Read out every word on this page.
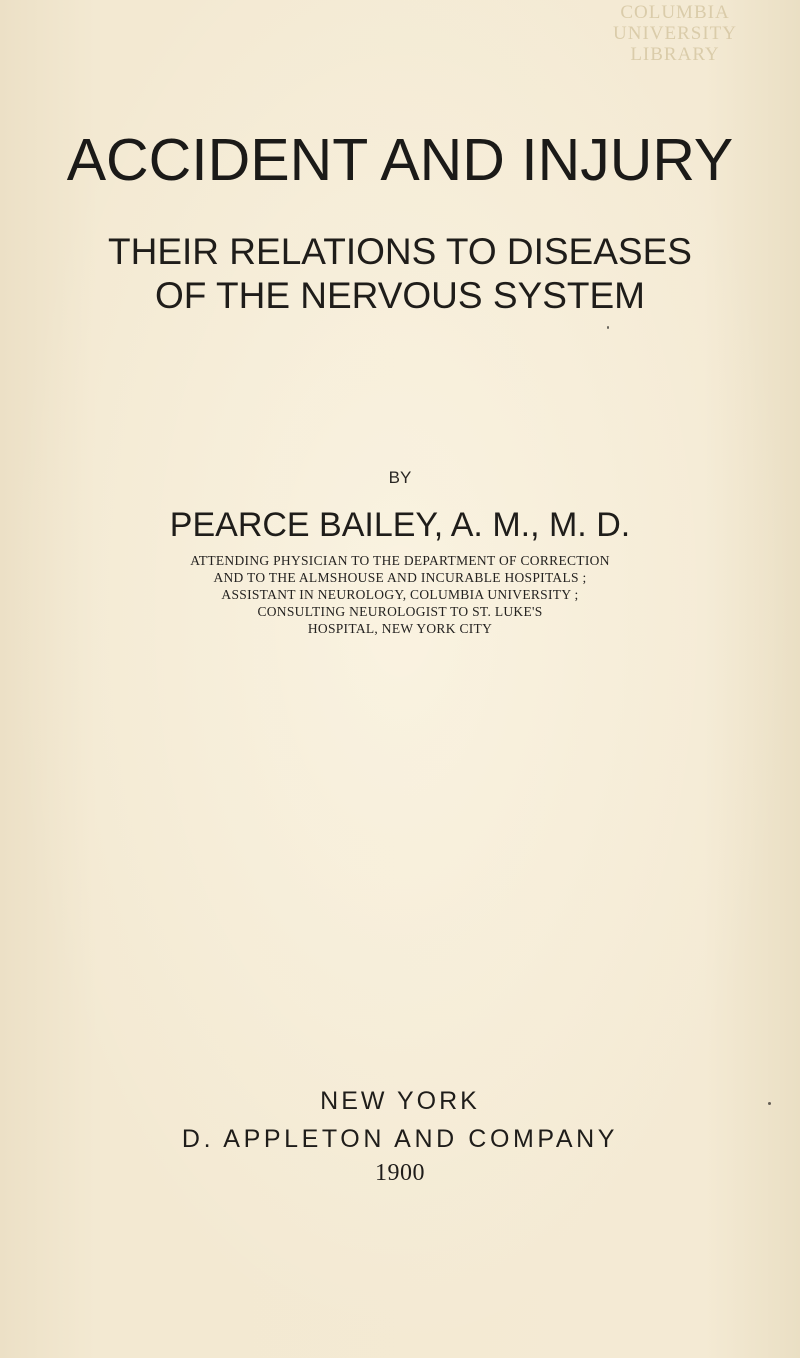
COLUMBIA
UNIVERSITY
LIBRARY
ACCIDENT AND INJURY
THEIR RELATIONS TO DISEASES
OF THE NERVOUS SYSTEM
BY
PEARCE BAILEY, A. M., M. D.
ATTENDING PHYSICIAN TO THE DEPARTMENT OF CORRECTION
AND TO THE ALMSHOUSE AND INCURABLE HOSPITALS ;
ASSISTANT IN NEUROLOGY, COLUMBIA UNIVERSITY ;
CONSULTING NEUROLOGIST TO ST. LUKE'S
HOSPITAL, NEW YORK CITY
NEW YORK
D. APPLETON AND COMPANY
1900
